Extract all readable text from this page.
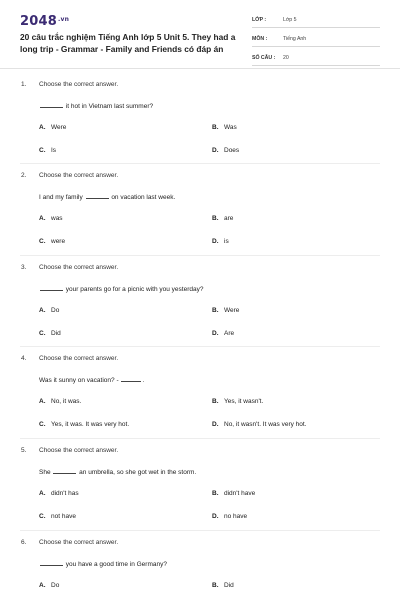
$2048^{.vn}$
20 câu trắc nghiệm Tiếng Anh lớp 5 Unit 5. They had a long trip - Grammar - Family and Friends có đáp án
LỚP :	Lớp 5
MÔN :	Tiếng Anh
SỐ CÂU : 20
1. Choose the correct answer.
it hot in Vietnam last summer?
A. Were	B. Was
C. Is	D. Does
2. Choose the correct answer.
I and my family	on vacation last week.
A. was	B. are
C. were	D. is
3. Choose the correct answer.
your parents go for a picnic with you yesterday?
A. Do	B. Were
C. Did	D. Are
4. Choose the correct answer.
Was it sunny on vacation? -	.
A. No, it was.	B. Yes, it wasn't.
C. Yes, it was. It was very hot.	D. No, it wasn't. It was very hot.
5. Choose the correct answer.
She	an umbrella, so she got wet in the storm.
A. didn't has	B. didn't have
C. not have	D. no have
6. Choose the correct answer.
you have a good time in Germany?
A. Do	B. Did
